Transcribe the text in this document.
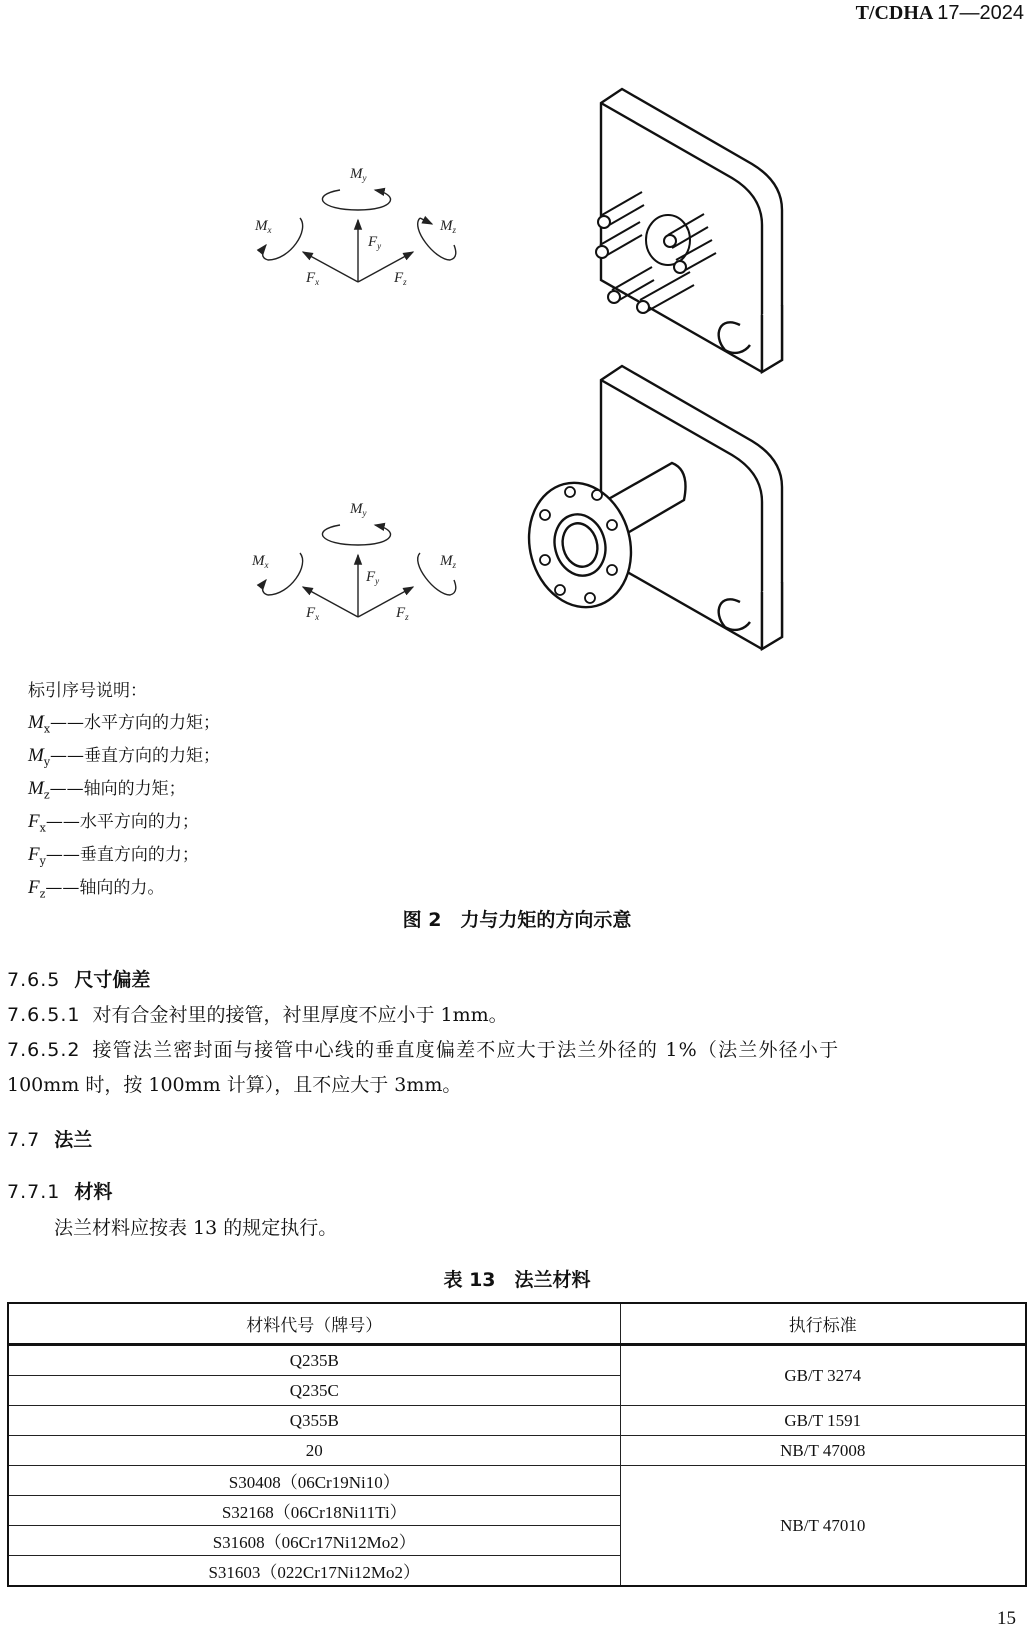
T/CDHA 17—2024
$M_y$
$M_x$	$M_z$
$F_y$
$F_x$	$F_z$
$M_y$
$M_x$	$M_z$
$F_y$
$F_x$	$F_z$
标引序号说明：
$M_x——$水平方向的力矩；
$M_y——$垂直方向的力矩；
$M_z——$轴向的力矩；
$F_x——$水平方向的力；
$F_y——$垂直方向的力；
$F_z——$轴向的力。
图 2　力与力矩的方向示意
7.6.5 尺寸偏差
7.6.5.1 对有合金衬里的接管，衬里厚度不应小于 1mm。
7.6.5.2 接管法兰密封面与接管中心线的垂直度偏差不应大于法兰外径的 1%（法兰外径小于
100mm 时，按 100mm 计算），且不应大于 3mm。
7.7 法兰
7.7.1 材料
法兰材料应按表 13 的规定执行。
表 13　法兰材料
材料代号（牌号）	执行标准
Q235B	GB/T 3274
Q235C	
Q355B	GB/T 1591
20	NB/T 47008
S30408（06Cr19Ni10）	NB/T 47010
S32168（06Cr18Ni11Ti）	
S31608（06Cr17Ni12Mo2）	
S31603（022Cr17Ni12Mo2）	
15
